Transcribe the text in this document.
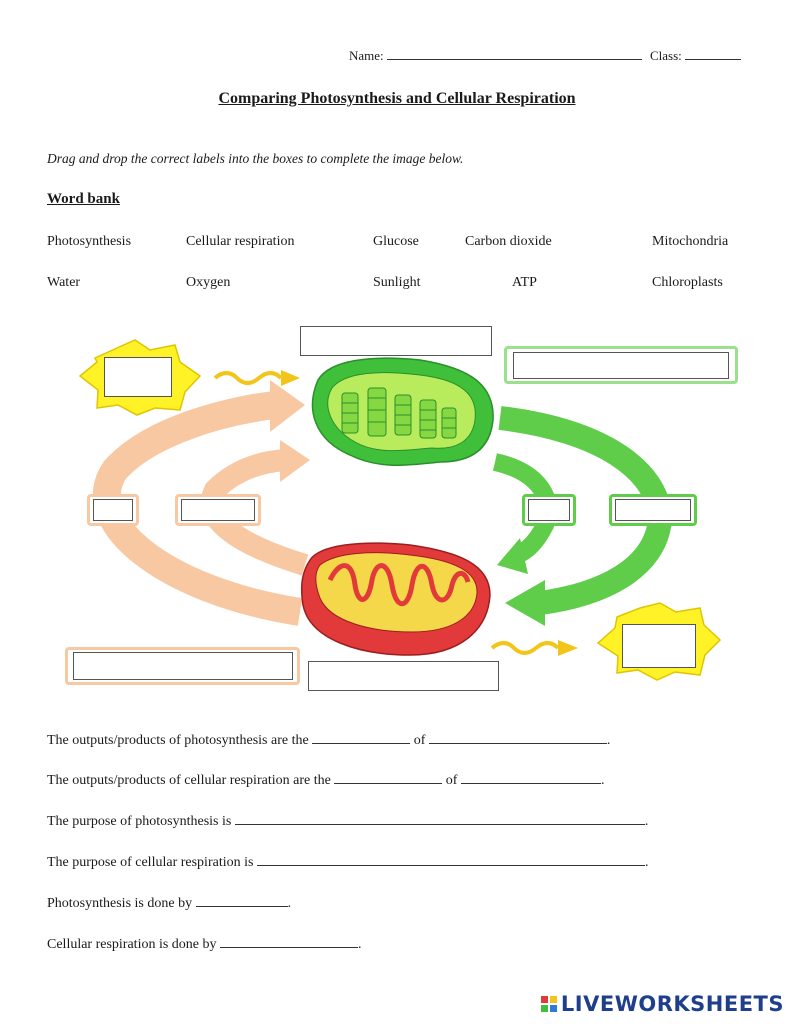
Name:	Class:
Comparing Photosynthesis and Cellular Respiration
Drag and drop the correct labels into the boxes to complete the image below.
Word bank
Photosynthesis	Cellular respiration	Glucose	Carbon dioxide	Mitochondria
Water	Oxygen	Sunlight	ATP	Chloroplasts
The outputs/products of photosynthesis are the	of	.
The outputs/products of cellular respiration are the	of	.
The purpose of photosynthesis is	.
The purpose of cellular respiration is	.
Photosynthesis is done by	.
Cellular respiration is done by	.
LIVEWORKSHEETS
